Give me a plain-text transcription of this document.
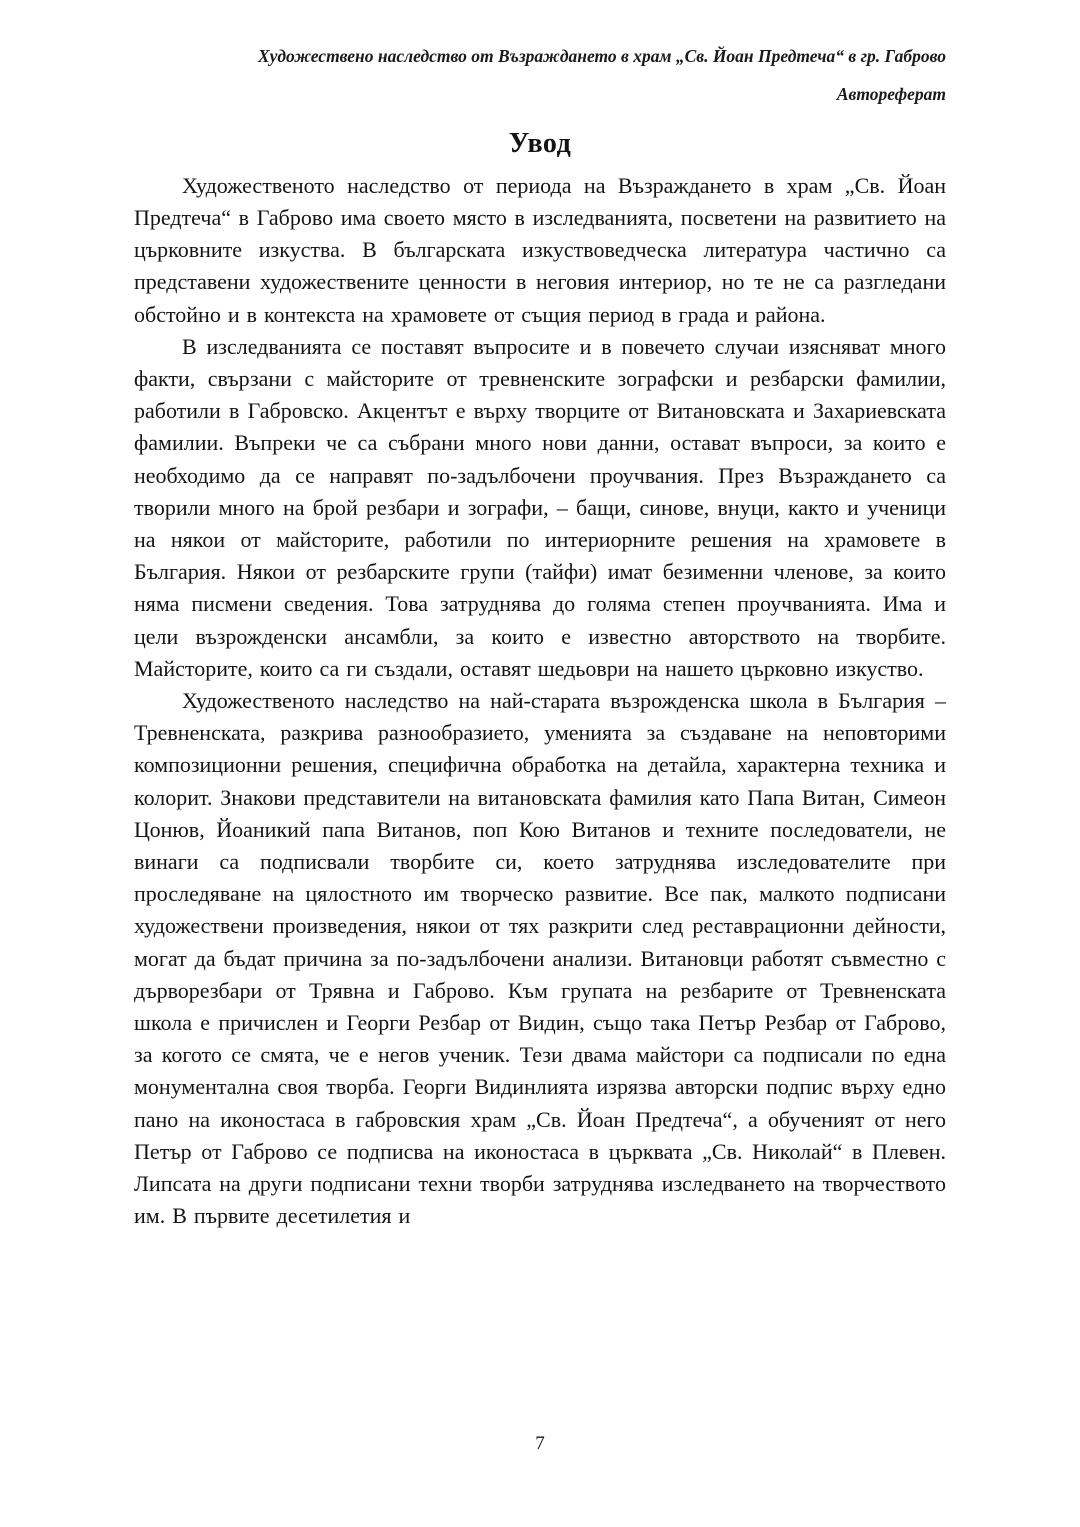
Художествено наследство от Възраждането в храм „Св. Йоан Предтеча“ в гр. Габрово
Автореферат
Увод

Художественото наследство от периода на Възраждането в храм „Св. Йоан Предтеча“ в Габрово има своето място в изследванията, посветени на развитието на църковните изкуства. В българската изкуствоведческа литература частично са представени художествените ценности в неговия интериор, но те не са разгледани обстойно и в контекста на храмовете от същия период в града и района.

В изследванията се поставят въпросите и в повечето случаи изясняват много факти, свързани с майсторите от тревненските зографски и резбарски фамилии, работили в Габровско. Акцентът е върху творците от Витановската и Захариевската фамилии. Въпреки че са събрани много нови данни, остават въпроси, за които е необходимо да се направят по-задълбочени проучвания. През Възраждането са творили много на брой резбари и зографи, – бащи, синове, внуци, както и ученици на някои от майсторите, работили по интериорните решения на храмовете в България. Някои от резбарските групи (тайфи) имат безименни членове, за които няма писмени сведения. Това затруднява до голяма степен проучванията. Има и цели възрожденски ансамбли, за които е известно авторството на творбите. Майсторите, които са ги създали, оставят шедьоври на нашето църковно изкуство.

Художественото наследство на най-старата възрожденска школа в България – Тревненската, разкрива разнообразието, уменията за създаване на неповторими композиционни решения, специфична обработка на детайла, характерна техника и колорит. Знакови представители на витановската фамилия като Папа Витан, Симеон Цонюв, Йоаникий папа Витанов, поп Кою Витанов и техните последователи, не винаги са подписвали творбите си, което затруднява изследователите при проследяване на цялостното им творческо развитие. Все пак, малкото подписани художествени произведения, някои от тях разкрити след реставрационни дейности, могат да бъдат причина за по-задълбочени анализи. Витановци работят съвместно с дърворезбари от Трявна и Габрово. Към групата на резбарите от Тревненската школа е причислен и Георги Резбар от Видин, също така Петър Резбар от Габрово, за когото се смята, че е негов ученик. Тези двама майстори са подписали по една монументална своя творба. Георги Видинлията изрязва авторски подпис върху едно пано на иконостаса в габровския храм „Св. Йоан Предтеча“, а обученият от него Петър от Габрово се подписва на иконостаса в църквата „Св. Николай“ в Плевен. Липсата на други подписани техни творби затруднява изследването на творчеството им. В първите десетилетия и

7
